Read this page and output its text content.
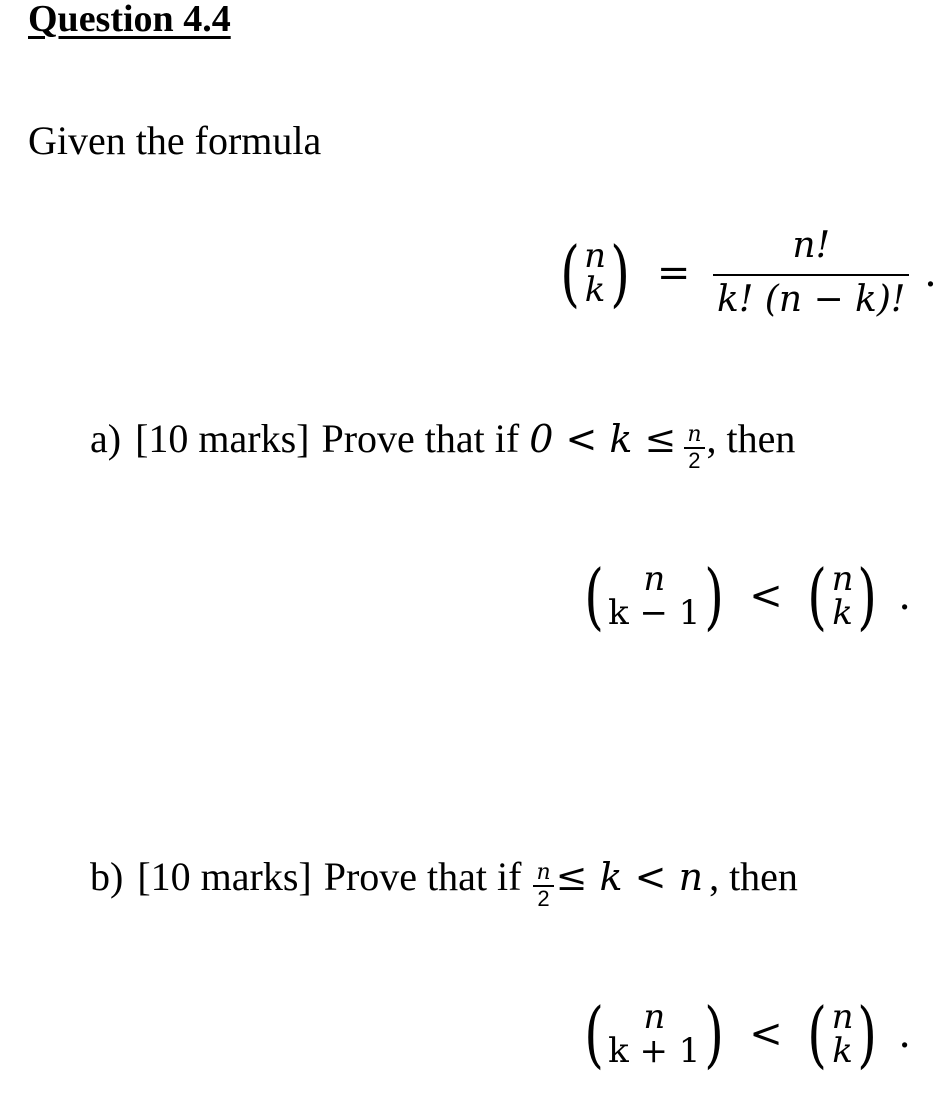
Question 4.4
Given the formula
( n
k ) = $\frac{n!}{k! (n - k)!}$ .
a) [10 marks] Prove that if $0 < k \le \frac{n}{2}$ , then
(	n
k − 1 ) < ( n
k ) .
b) [10 marks] Prove that if $\frac{n}{2} \le k < n$ , then
(	n
k + 1 ) < ( n
k ) .
